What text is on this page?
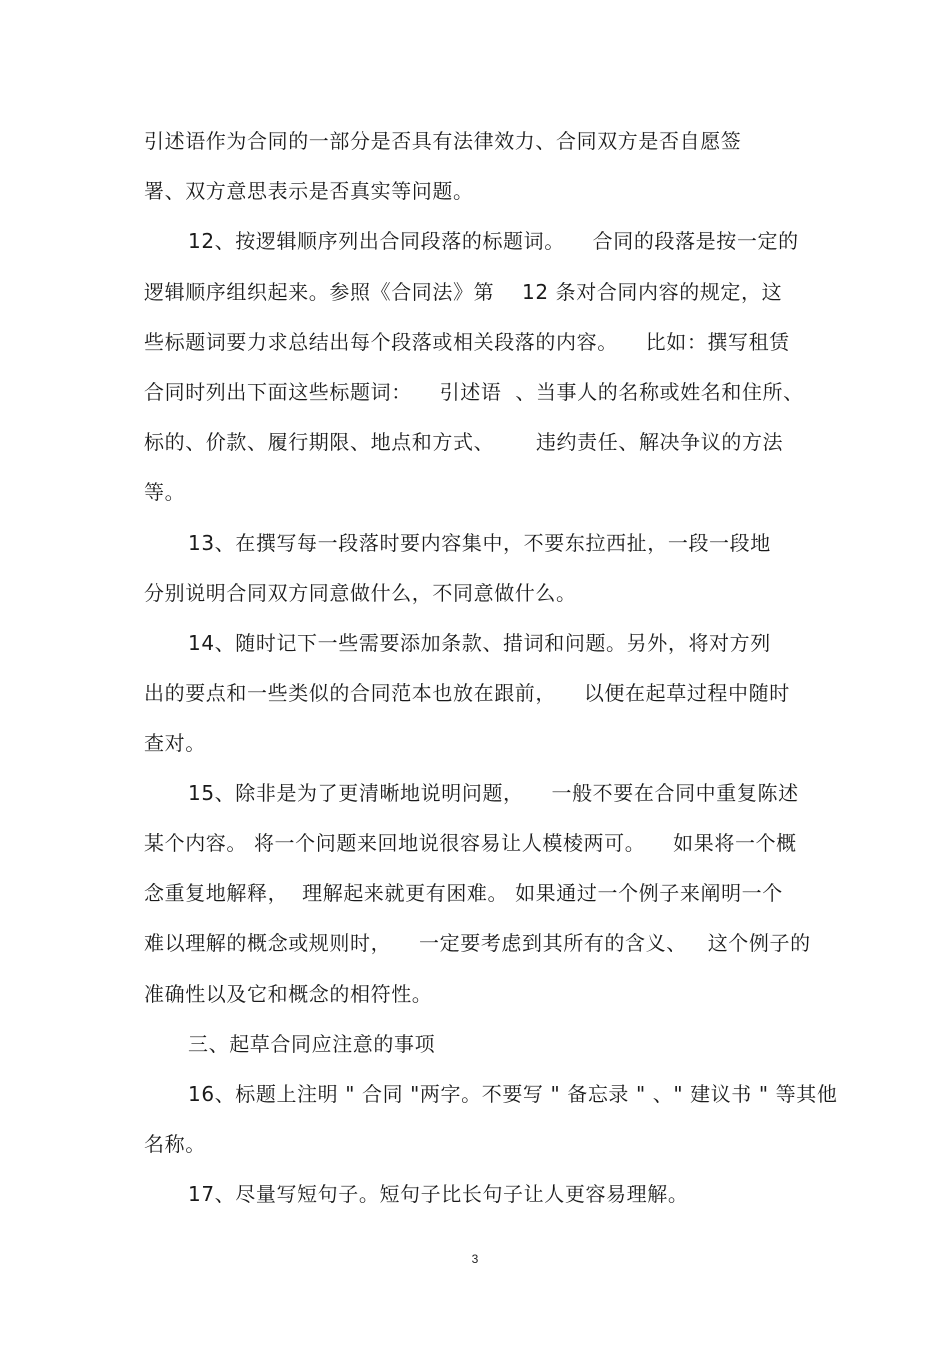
引述语作为合同的一部分是否具有法律效力、合同双方是否自愿签
署、双方意思表示是否真实等问题。
12、按逻辑顺序列出合同段落的标题词。    合同的段落是按一定的
逻辑顺序组织起来。参照《合同法》第    12 条对合同内容的规定，这
些标题词要力求总结出每个段落或相关段落的内容。    比如：撰写租赁
合同时列出下面这些标题词：    引述语  、当事人的名称或姓名和住所、
标的、价款、履行期限、地点和方式、      违约责任、解决争议的方法
等。
13、在撰写每一段落时要内容集中，不要东拉西扯，一段一段地
分别说明合同双方同意做什么，不同意做什么。
14、随时记下一些需要添加条款、措词和问题。另外，将对方列
出的要点和一些类似的合同范本也放在跟前，    以便在起草过程中随时
查对。
15、除非是为了更清晰地说明问题，    一般不要在合同中重复陈述
某个内容。 将一个问题来回地说很容易让人模棱两可。    如果将一个概
念重复地解释，  理解起来就更有困难。 如果通过一个例子来阐明一个
难以理解的概念或规则时，    一定要考虑到其所有的含义、   这个例子的
准确性以及它和概念的相符性。
三、起草合同应注意的事项
16、标题上注明 " 合同 "两字。不要写 " 备忘录 " 、" 建议书 " 等其他
名称。
17、尽量写短句子。短句子比长句子让人更容易理解。
3
